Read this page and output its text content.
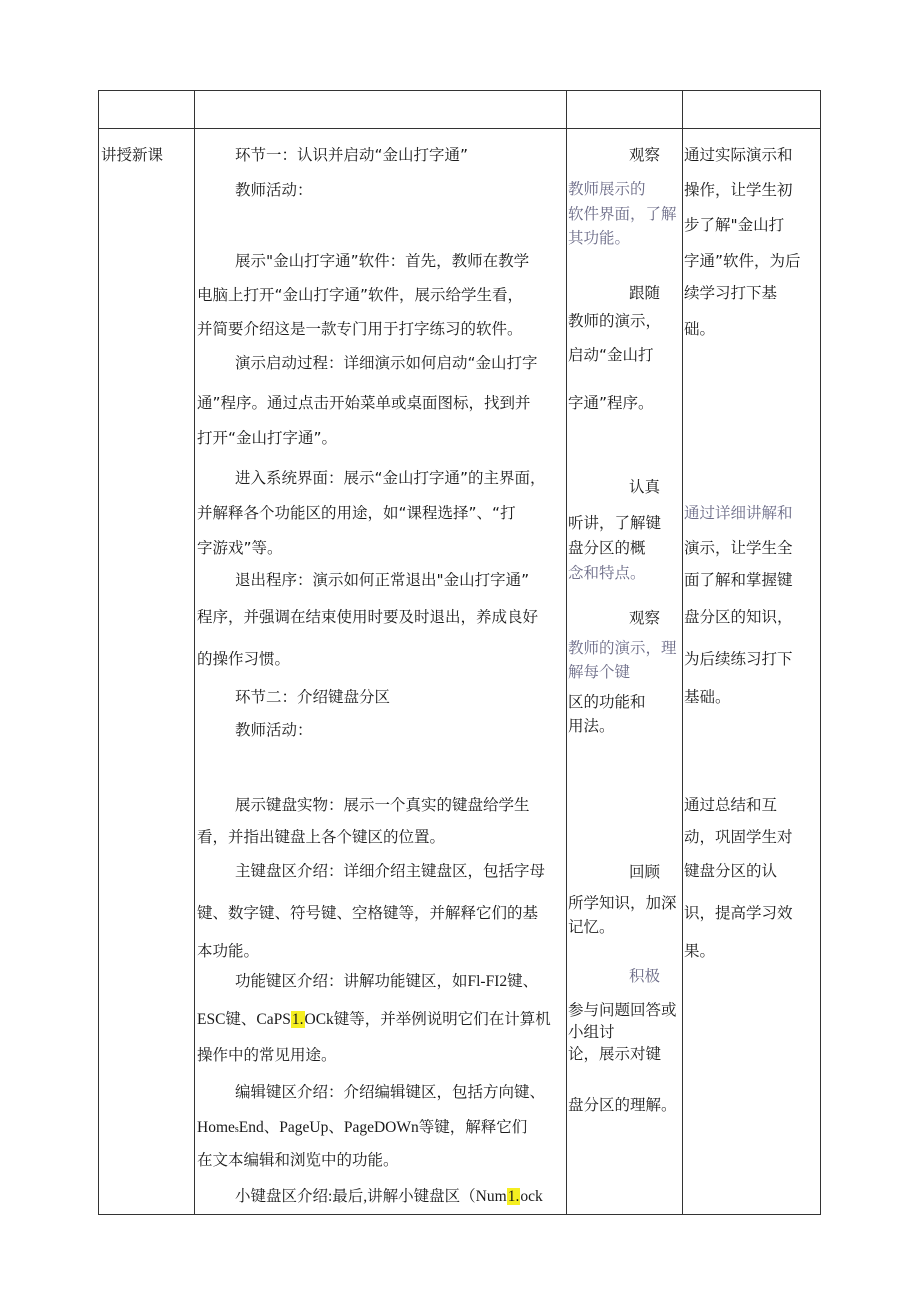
讲授新课	环节一：认识并启动“金山打字通”
教师活动：
展示"金山打字通”软件：首先，教师在教学
电脑上打开“金山打字通”软件，展示给学生看，
并简要介绍这是一款专门用于打字练习的软件。
演示启动过程：详细演示如何启动“金山打字
通”程序。通过点击开始菜单或桌面图标，找到并
打开“金山打字通”。
进入系统界面：展示“金山打字通”的主界面，
并解释各个功能区的用途，如“课程选择”、“打
字游戏”等。
退出程序：演示如何正常退出"金山打字通”
程序，并强调在结束使用时要及时退出，养成良好
的操作习惯。
环节二：介绍键盘分区
教师活动：
展示键盘实物：展示一个真实的键盘给学生
看，并指出键盘上各个键区的位置。
主键盘区介绍：详细介绍主键盘区，包括字母
键、数字键、符号键、空格键等，并解释它们的基
本功能。
功能键区介绍：讲解功能键区，如Fl-FI2键、
ESC键、CaPS1.OCk键等，并举例说明它们在计算机
操作中的常见用途。
编辑键区介绍：介绍编辑键区，包括方向键、
HomesEnd、PageUp、PageDOWn等键，解释它们
在文本编辑和浏览中的功能。
小键盘区介绍:最后,讲解小键盘区（Num1.ock
观察
教师展示的
软件界面，了解
其功能。
跟随
教师的演示，
启动“金山打
字通”程序。
认真
听讲，了解键
盘分区的概
念和特点。
观察
教师的演示，理
解每个键
区的功能和
用法。
回顾
所学知识，加深
记忆。
积极
参与问题回答或
小组讨
论，展示对键
盘分区的理解。
通过实际演示和
操作，让学生初
步了解"金山打
字通”软件，为后
续学习打下基
础。
通过详细讲解和
演示，让学生全
面了解和掌握键
盘分区的知识，
为后续练习打下
基础。
通过总结和互
动，巩固学生对
键盘分区的认
识，提高学习效
果。
